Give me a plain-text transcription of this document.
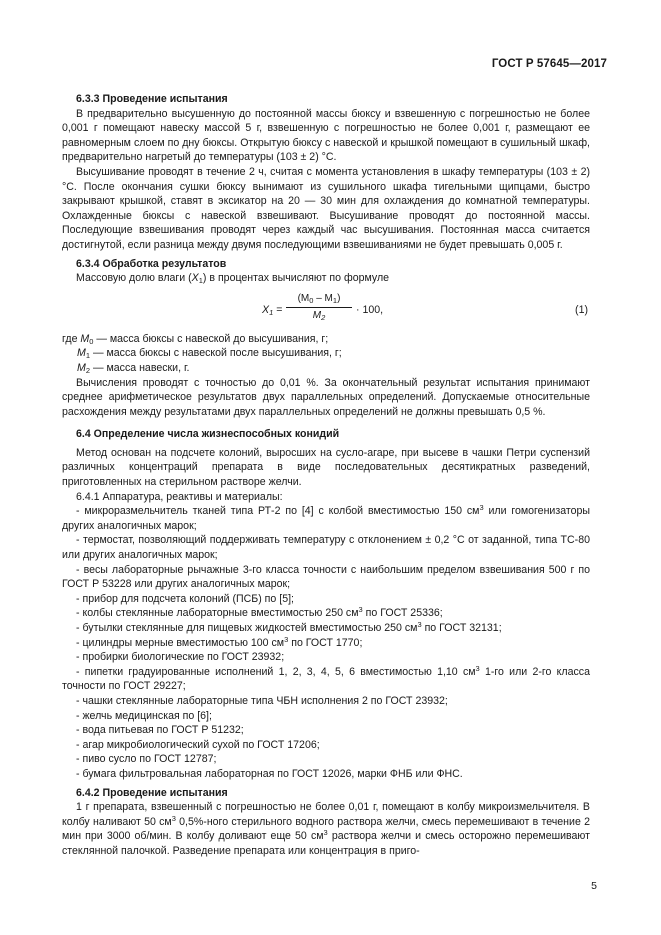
ГОСТ Р 57645—2017

6.3.3 Проведение испытания

В предварительно высушенную до постоянной массы бюксу и взвешенную с погрешностью не более 0,001 г помещают навеску массой 5 г, взвешенную с погрешностью не более 0,001 г, размещают ее равномерным слоем по дну бюксы. Открытую бюксу с навеской и крышкой помещают в сушильный шкаф, предварительно нагретый до температуры (103 ± 2) °С.

Высушивание проводят в течение 2 ч, считая с момента установления в шкафу температуры (103 ± 2) °С. После окончания сушки бюксу вынимают из сушильного шкафа тигельными щипцами, быстро закрывают крышкой, ставят в эксикатор на 20 — 30 мин для охлаждения до комнатной температуры. Охлажденные бюксы с навеской взвешивают. Высушивание проводят до постоянной массы. Последующие взвешивания проводят через каждый час высушивания. Постоянная масса считается достигнутой, если разница между двумя последующими взвешиваниями не будет превышать 0,005 г.

6.3.4 Обработка результатов

Массовую долю влаги $(X_1)$ в процентах вычисляют по формуле

$X_1 = \frac{(M_0 - M_1)}{M_2} \cdot 100$,	(1)

где $M_0$ — масса бюксы с навеской до высушивания, г;

$M_1$ — масса бюксы с навеской после высушивания, г;

$M_2$ — масса навески, г.

Вычисления проводят с точностью до 0,01 %. За окончательный результат испытания принимают среднее арифметическое результатов двух параллельных определений. Допускаемые относительные расхождения между результатами двух параллельных определений не должны превышать 0,5 %.

6.4 Определение числа жизнеспособных конидий

Метод основан на подсчете колоний, выросших на сусло-агаре, при высеве в чашки Петри суспензий различных концентраций препарата в виде последовательных десятикратных разведений, приготовленных на стерильном растворе желчи.

6.4.1 Аппаратура, реактивы и материалы:

- микроразмельчитель тканей типа РТ-2 по [4] с колбой вместимостью 150 $см^3$ или гомогенизаторы других аналогичных марок;

- термостат, позволяющий поддерживать температуру с отклонением ± 0,2 °С от заданной, типа ТС-80 или других аналогичных марок;

- весы лабораторные рычажные 3-го класса точности с наибольшим пределом взвешивания 500 г по ГОСТ Р 53228 или других аналогичных марок;

- прибор для подсчета колоний (ПСБ) по [5];

- колбы стеклянные лабораторные вместимостью 250 $см^3$ по ГОСТ 25336;

- бутылки стеклянные для пищевых жидкостей вместимостью 250 $см^3$ по ГОСТ 32131;

- цилиндры мерные вместимостью 100 $см^3$ по ГОСТ 1770;

- пробирки биологические по ГОСТ 23932;

- пипетки градуированные исполнений 1, 2, 3, 4, 5, 6 вместимостью 1,10 $см^3$ 1-го или 2-го класса точности по ГОСТ 29227;

- чашки стеклянные лабораторные типа ЧБН исполнения 2 по ГОСТ 23932;

- желчь медицинская по [6];

- вода питьевая по ГОСТ Р 51232;

- агар микробиологический сухой по ГОСТ 17206;

- пиво сусло по ГОСТ 12787;

- бумага фильтровальная лабораторная по ГОСТ 12026, марки ФНБ или ФНС.

6.4.2 Проведение испытания

1 г препарата, взвешенный с погрешностью не более 0,01 г, помещают в колбу микроизмельчителя. В колбу наливают 50 $см^3$ 0,5%-ного стерильного водного раствора желчи, смесь перемешивают в течение 2 мин при 3000 об/мин. В колбу доливают еще 50 $см^3$ раствора желчи и смесь осторожно перемешивают стеклянной палочкой. Разведение препарата или концентрация в приго-

5
